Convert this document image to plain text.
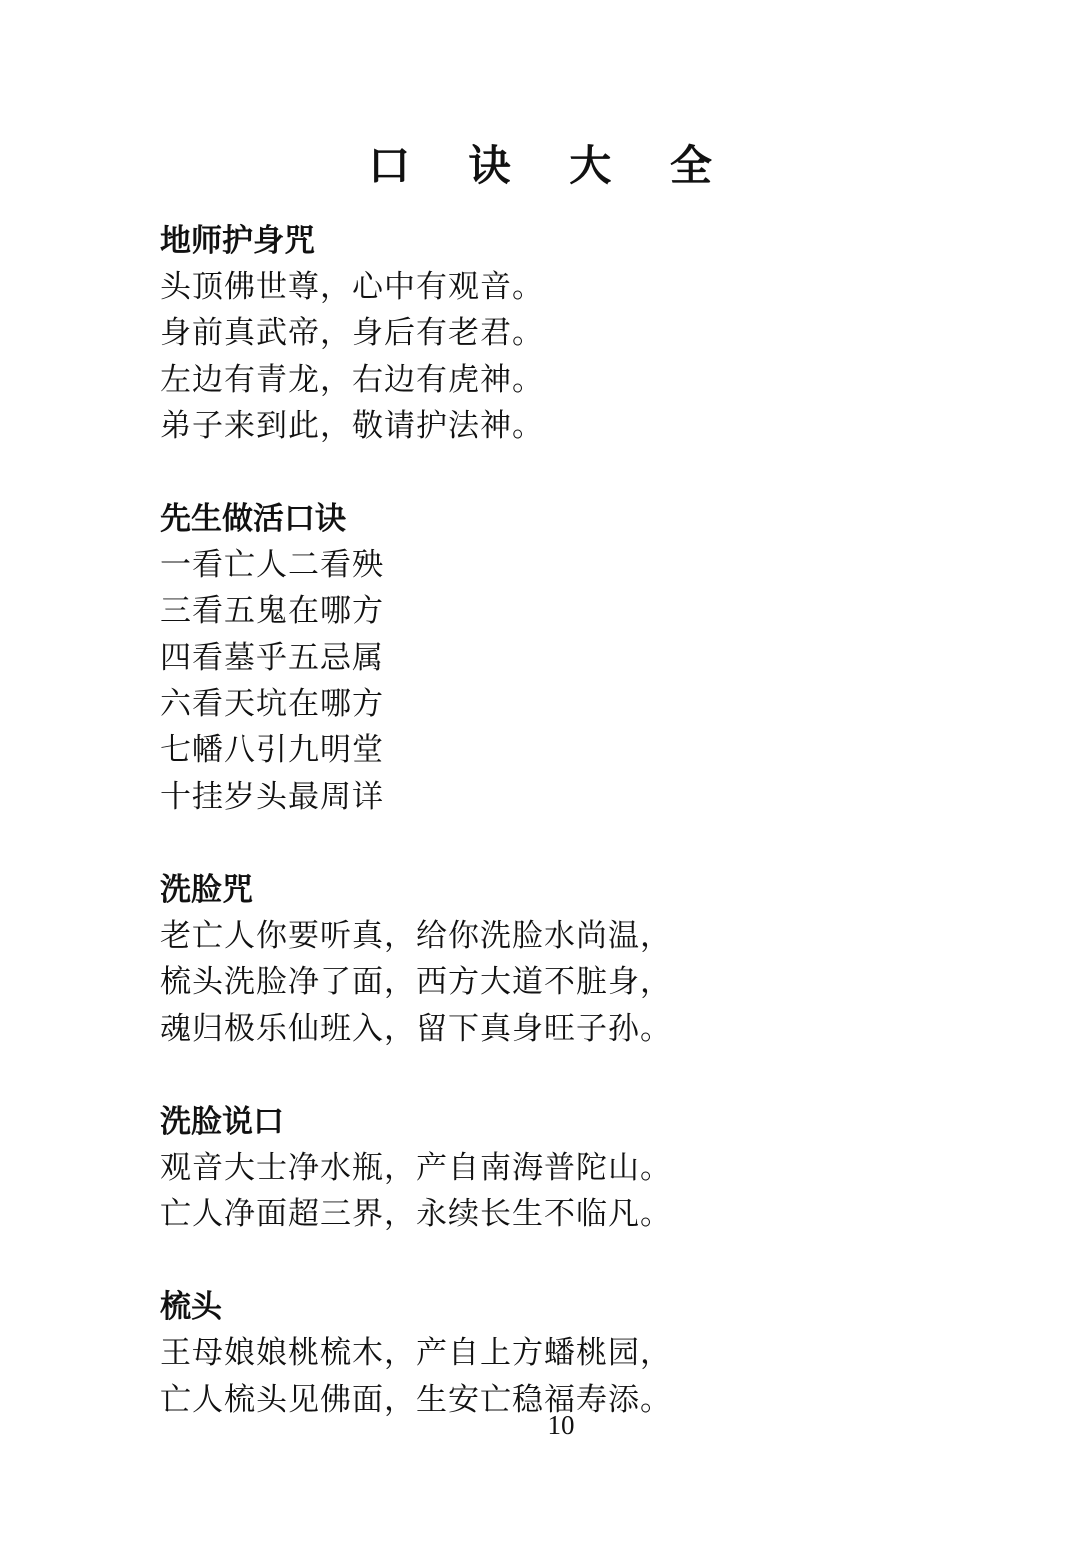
口 诀 大 全

地师护身咒

头顶佛世尊，心中有观音。

身前真武帝，身后有老君。

左边有青龙，右边有虎神。

弟子来到此，敬请护法神。

先生做活口诀

一看亡人二看殃

三看五鬼在哪方

四看墓乎五忌属

六看天坑在哪方

七幡八引九明堂

十挂岁头最周详

洗脸咒

老亡人你要听真，给你洗脸水尚温，

梳头洗脸净了面，西方大道不脏身，

魂归极乐仙班入，留下真身旺子孙。

洗脸说口

观音大士净水瓶，产自南海普陀山。

亡人净面超三界，永续长生不临凡。

梳头

王母娘娘桃梳木，产自上方蟠桃园，

亡人梳头见佛面，生安亡稳福寿添。

10
